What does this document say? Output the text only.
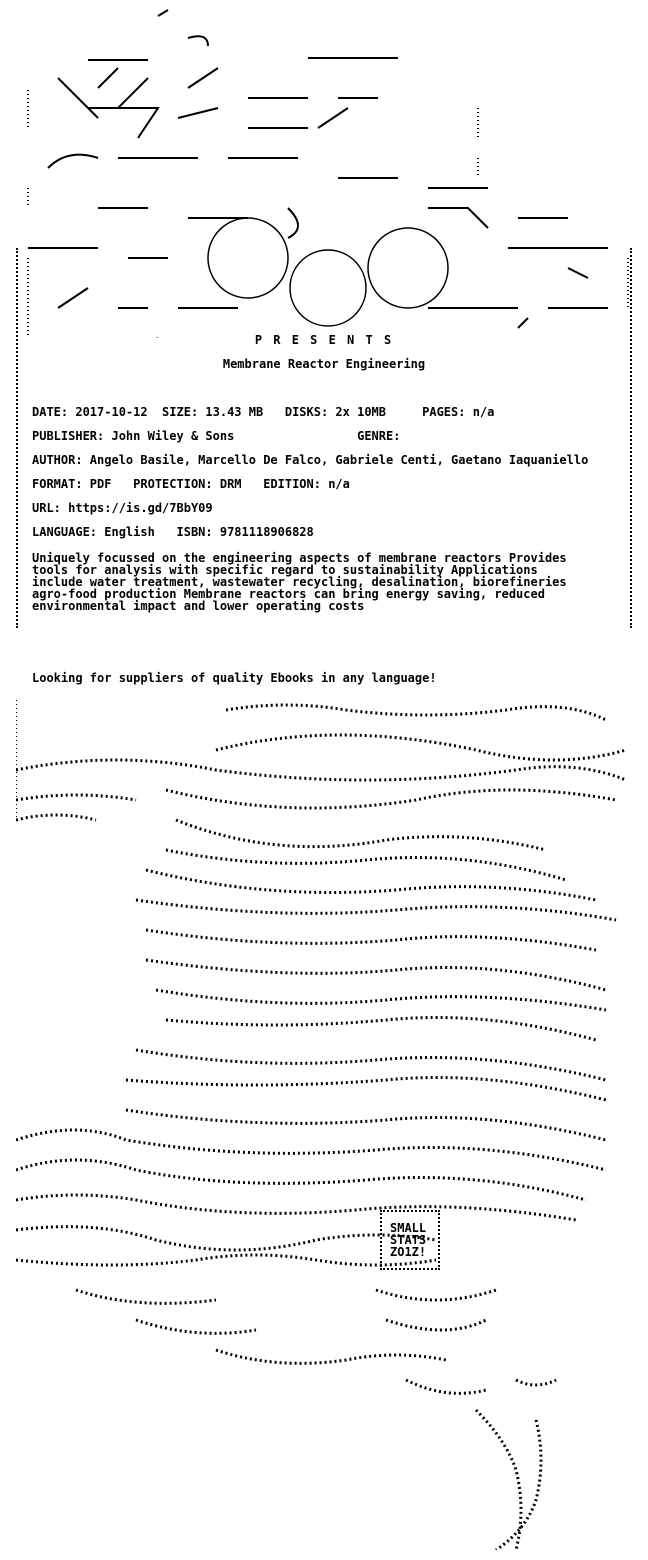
P R E S E N T S
Membrane Reactor Engineering
DATE: 2017-10-12  SIZE: 13.43 MB   DISKS: 2x 10MB     PAGES: n/a
PUBLISHER: John Wiley & Sons                 GENRE:
AUTHOR: Angelo Basile, Marcello De Falco, Gabriele Centi, Gaetano Iaquaniello
FORMAT: PDF   PROTECTION: DRM   EDITION: n/a
URL: https://is.gd/7BbY09
LANGUAGE: English   ISBN: 9781118906828
Uniquely focussed on the engineering aspects of membrane reactors Provides
tools for analysis with specific regard to sustainability Applications
include water treatment, wastewater recycling, desalination, biorefineries
agro-food production Membrane reactors can bring energy saving, reduced
environmental impact and lower operating costs
Looking for suppliers of quality Ebooks in any language!
SMALL
STATS
ZO1Z!
